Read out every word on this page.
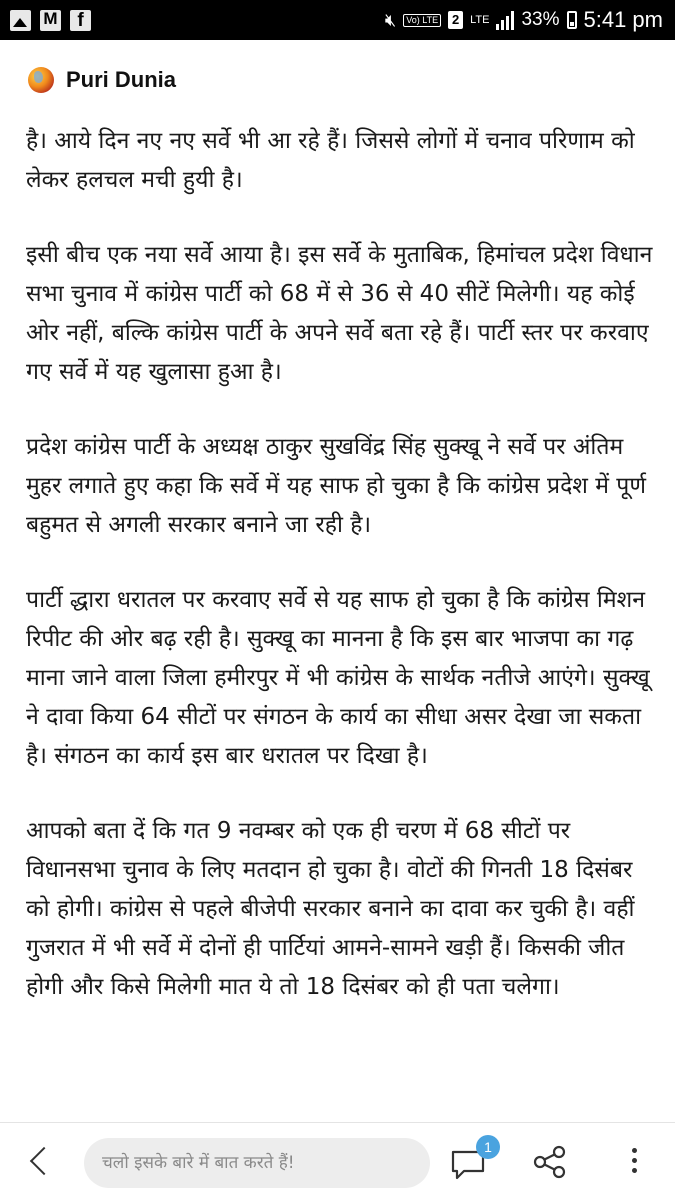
M
f
🔇︎	Vo) LTE 2 LTE 33% 5:41 pm
Puri Dunia

है। आये दिन नए नए सर्वे भी आ रहे हैं। जिससे लोगों में चनाव परिणाम को लेकर हलचल मची हुयी है।

इसी बीच एक नया सर्वे आया है। इस सर्वे के मुताबिक, हिमांचल प्रदेश विधान सभा चुनाव में कांग्रेस पार्टी को 68 में से 36 से 40 सीटें मिलेगी। यह कोई ओर नहीं, बल्कि कांग्रेस पार्टी के अपने सर्वे बता रहे हैं। पार्टी स्तर पर करवाए गए सर्वे में यह खुलासा हुआ है।

प्रदेश कांग्रेस पार्टी के अध्यक्ष ठाकुर सुखविंद्र सिंह सुक्खू ने सर्वे पर अंतिम मुहर लगाते हुए कहा कि सर्वे में यह साफ हो चुका है कि कांग्रेस प्रदेश में पूर्ण बहुमत से अगली सरकार बनाने जा रही है।

पार्टी द्धारा धरातल पर करवाए सर्वे से यह साफ हो चुका है कि कांग्रेस मिशन रिपीट की ओर बढ़ रही है। सुक्खू का मानना है कि इस बार भाजपा का गढ़ माना जाने वाला जिला हमीरपुर में भी कांग्रेस के सार्थक नतीजे आएंगे। सुक्खू ने दावा किया 64 सीटों पर संगठन के कार्य का सीधा असर देखा जा सकता है। संगठन का कार्य इस बार धरातल पर दिखा है।

आपको बता दें कि गत 9 नवम्बर को एक ही चरण में 68 सीटों पर विधानसभा चुनाव के लिए मतदान हो चुका है। वोटों की गिनती 18 दिसंबर को होगी। कांग्रेस से पहले बीजेपी सरकार बनाने का दावा कर चुकी है। वहीं गुजरात में भी सर्वे में दोनों ही पार्टियां आमने-सामने खड़ी हैं। किसकी जीत होगी और किसे मिलेगी मात ये तो 18 दिसंबर को ही पता चलेगा।

चलो इसके बारे में बात करते हैं!
1
